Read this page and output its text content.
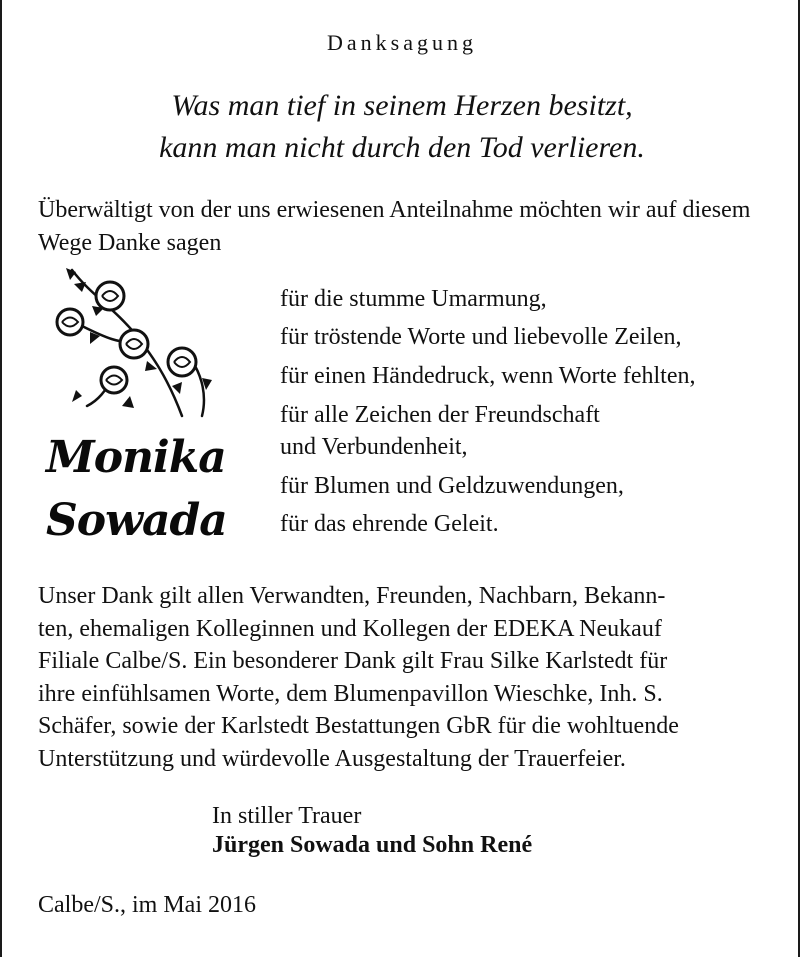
Danksagung
Was man tief in seinem Herzen besitzt,
kann man nicht durch den Tod verlieren.

Überwältigt von der uns erwiesenen Anteilnahme möchten wir auf diesem Wege Danke sagen

Monika
Sowada
für die stumme Umarmung,
für tröstende Worte und liebevolle Zeilen,
für einen Händedruck, wenn Worte fehlten,
für alle Zeichen der Freundschaft
und Verbundenheit,
für Blumen und Geldzuwendungen,
für das ehrende Geleit.
Unser Dank gilt allen Verwandten, Freunden, Nachbarn, Bekann-
ten, ehemaligen Kolleginnen und Kollegen der EDEKA Neukauf
Filiale Calbe/S. Ein besonderer Dank gilt Frau Silke Karlstedt für
ihre einfühlsamen Worte, dem Blumenpavillon Wieschke, Inh. S.
Schäfer, sowie der Karlstedt Bestattungen GbR für die wohltuende
Unterstützung und würdevolle Ausgestaltung der Trauerfeier.
In stiller Trauer
Jürgen Sowada und Sohn René
Calbe/S., im Mai 2016
